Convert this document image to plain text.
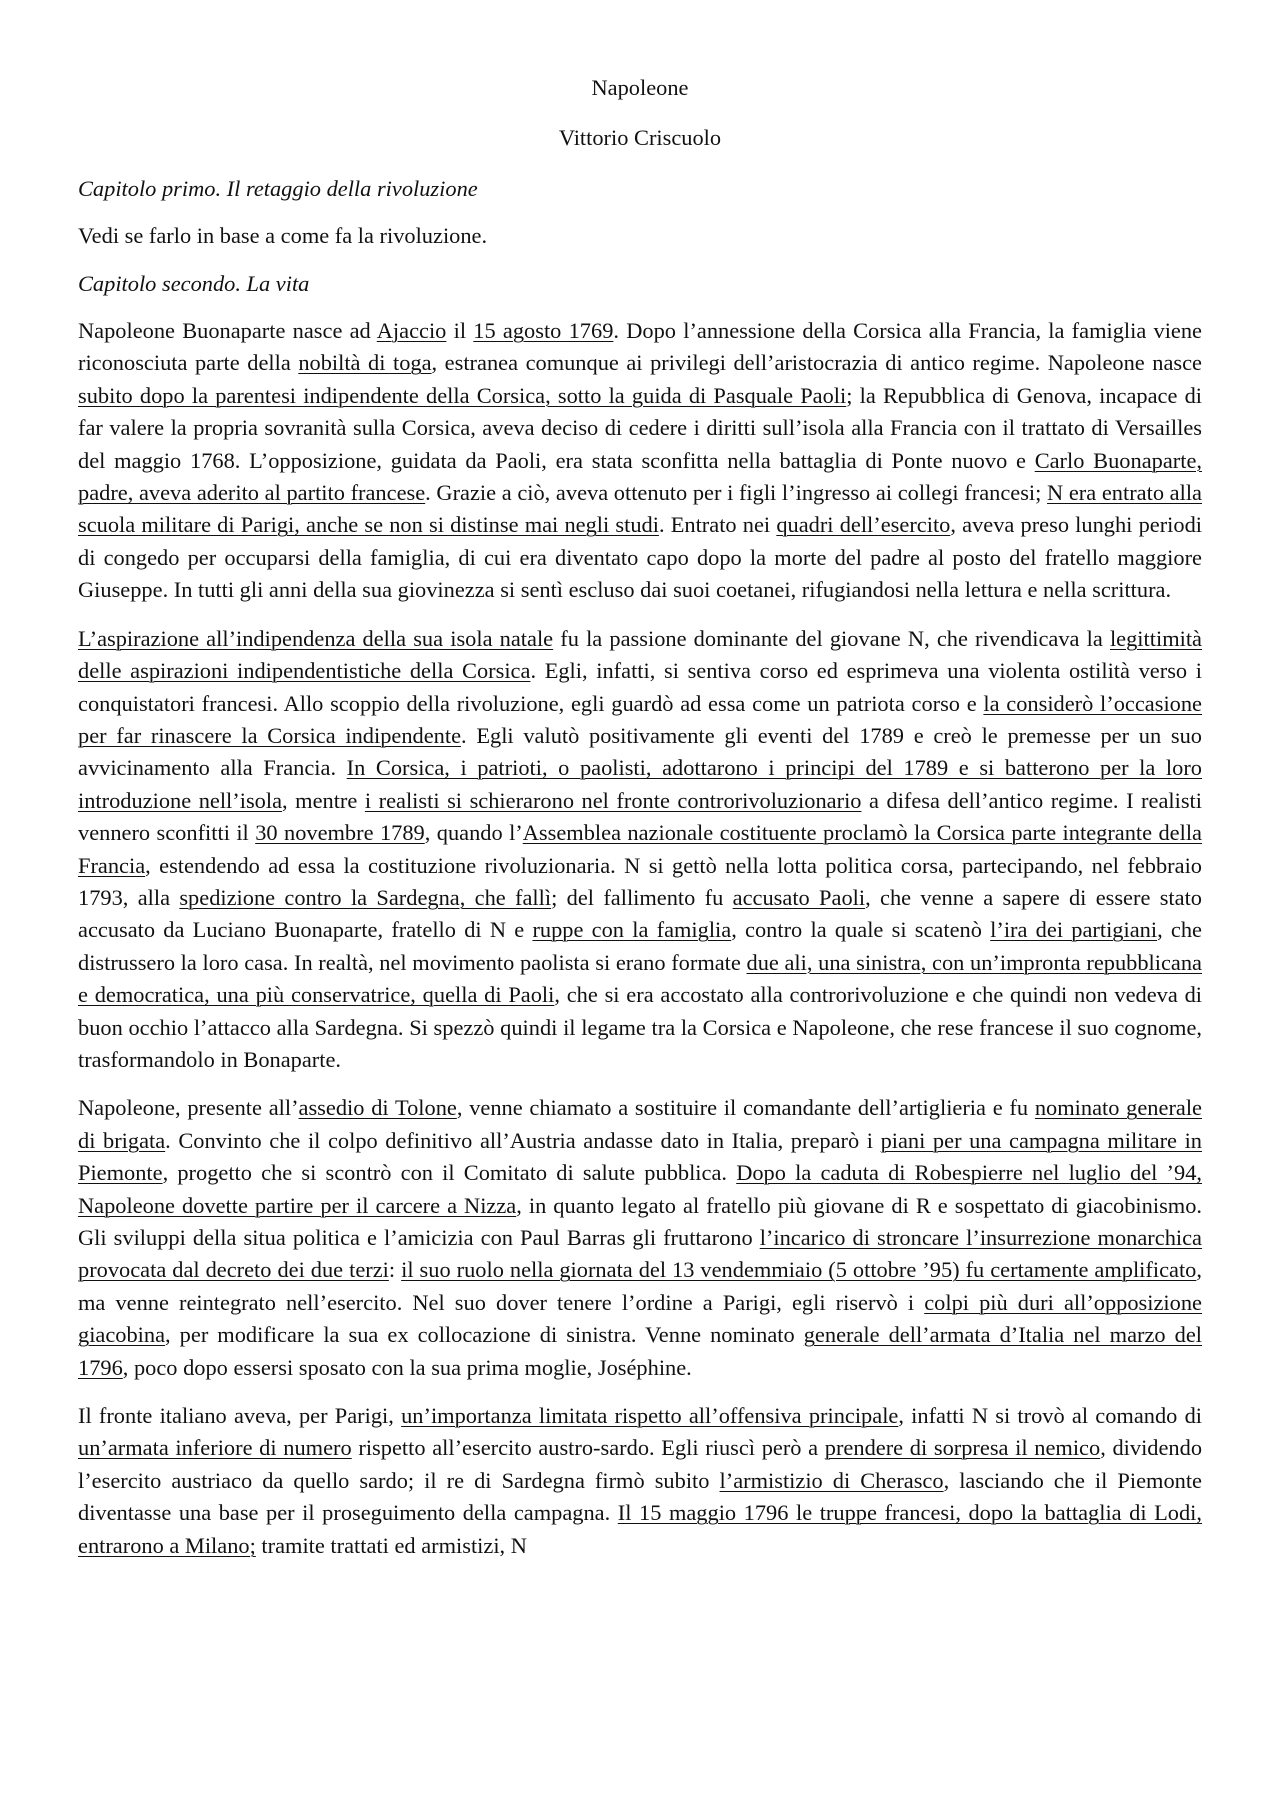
Napoleone

Vittorio Criscuolo

Capitolo primo. Il retaggio della rivoluzione

Vedi se farlo in base a come fa la rivoluzione.

Capitolo secondo. La vita

Napoleone Buonaparte nasce ad Ajaccio il 15 agosto 1769. Dopo l’annessione della Corsica alla Francia, la famiglia viene riconosciuta parte della nobiltà di toga, estranea comunque ai privilegi dell’aristocrazia di antico regime. Napoleone nasce subito dopo la parentesi indipendente della Corsica, sotto la guida di Pasquale Paoli; la Repubblica di Genova, incapace di far valere la propria sovranità sulla Corsica, aveva deciso di cedere i diritti sull’isola alla Francia con il trattato di Versailles del maggio 1768. L’opposizione, guidata da Paoli, era stata sconfitta nella battaglia di Ponte nuovo e Carlo Buonaparte, padre, aveva aderito al partito francese. Grazie a ciò, aveva ottenuto per i figli l’ingresso ai collegi francesi; N era entrato alla scuola militare di Parigi, anche se non si distinse mai negli studi. Entrato nei quadri dell’esercito, aveva preso lunghi periodi di congedo per occuparsi della famiglia, di cui era diventato capo dopo la morte del padre al posto del fratello maggiore Giuseppe. In tutti gli anni della sua giovinezza si sentì escluso dai suoi coetanei, rifugiandosi nella lettura e nella scrittura.

L’aspirazione all’indipendenza della sua isola natale fu la passione dominante del giovane N, che rivendicava la legittimità delle aspirazioni indipendentistiche della Corsica. Egli, infatti, si sentiva corso ed esprimeva una violenta ostilità verso i conquistatori francesi. Allo scoppio della rivoluzione, egli guardò ad essa come un patriota corso e la considerò l’occasione per far rinascere la Corsica indipendente. Egli valutò positivamente gli eventi del 1789 e creò le premesse per un suo avvicinamento alla Francia. In Corsica, i patrioti, o paolisti, adottarono i principi del 1789 e si batterono per la loro introduzione nell’isola, mentre i realisti si schierarono nel fronte controrivoluzionario a difesa dell’antico regime. I realisti vennero sconfitti il 30 novembre 1789, quando l’Assemblea nazionale costituente proclamò la Corsica parte integrante della Francia, estendendo ad essa la costituzione rivoluzionaria. N si gettò nella lotta politica corsa, partecipando, nel febbraio 1793, alla spedizione contro la Sardegna, che fallì; del fallimento fu accusato Paoli, che venne a sapere di essere stato accusato da Luciano Buonaparte, fratello di N e ruppe con la famiglia, contro la quale si scatenò l’ira dei partigiani, che distrussero la loro casa. In realtà, nel movimento paolista si erano formate due ali, una sinistra, con un’impronta repubblicana e democratica, una più conservatrice, quella di Paoli, che si era accostato alla controrivoluzione e che quindi non vedeva di buon occhio l’attacco alla Sardegna. Si spezzò quindi il legame tra la Corsica e Napoleone, che rese francese il suo cognome, trasformandolo in Bonaparte.

Napoleone, presente all’assedio di Tolone, venne chiamato a sostituire il comandante dell’artiglieria e fu nominato generale di brigata. Convinto che il colpo definitivo all’Austria andasse dato in Italia, preparò i piani per una campagna militare in Piemonte, progetto che si scontrò con il Comitato di salute pubblica. Dopo la caduta di Robespierre nel luglio del ’94, Napoleone dovette partire per il carcere a Nizza, in quanto legato al fratello più giovane di R e sospettato di giacobinismo. Gli sviluppi della situa politica e l’amicizia con Paul Barras gli fruttarono l’incarico di stroncare l’insurrezione monarchica provocata dal decreto dei due terzi: il suo ruolo nella giornata del 13 vendemmiaio (5 ottobre ’95) fu certamente amplificato, ma venne reintegrato nell’esercito. Nel suo dover tenere l’ordine a Parigi, egli riservò i colpi più duri all’opposizione giacobina, per modificare la sua ex collocazione di sinistra. Venne nominato generale dell’armata d’Italia nel marzo del 1796, poco dopo essersi sposato con la sua prima moglie, Joséphine.

Il fronte italiano aveva, per Parigi, un’importanza limitata rispetto all’offensiva principale, infatti N si trovò al comando di un’armata inferiore di numero rispetto all’esercito austro-sardo. Egli riuscì però a prendere di sorpresa il nemico, dividendo l’esercito austriaco da quello sardo; il re di Sardegna firmò subito l’armistizio di Cherasco, lasciando che il Piemonte diventasse una base per il proseguimento della campagna. Il 15 maggio 1796 le truppe francesi, dopo la battaglia di Lodi, entrarono a Milano; tramite trattati ed armistizi, N
